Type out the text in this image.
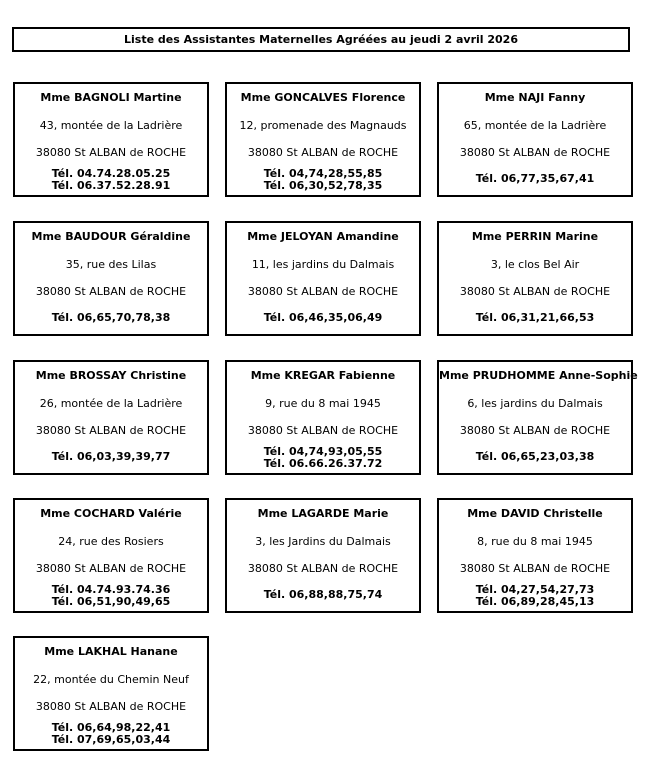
Liste des Assistantes Maternelles Agréées au jeudi 2 avril 2026
Mme BAGNOLI Martine
43, montée de la Ladrière
38080 St ALBAN de ROCHE
Tél. 04.74.28.05.25
Tél. 06.37.52.28.91
Mme GONCALVES Florence
12, promenade des Magnauds
38080 St ALBAN de ROCHE
Tél. 04,74,28,55,85
Tél. 06,30,52,78,35
Mme NAJI Fanny
65, montée de la Ladrière
38080 St ALBAN de ROCHE
Tél. 06,77,35,67,41
Mme BAUDOUR Géraldine
35, rue des Lilas
38080 St ALBAN de ROCHE
Tél. 06,65,70,78,38
Mme JELOYAN Amandine
11, les jardins du Dalmais
38080 St ALBAN de ROCHE
Tél. 06,46,35,06,49
Mme PERRIN Marine
3, le clos Bel Air
38080 St ALBAN de ROCHE
Tél. 06,31,21,66,53
Mme BROSSAY Christine
26, montée de la Ladrière
38080 St ALBAN de ROCHE
Tél. 06,03,39,39,77
Mme KREGAR Fabienne
9, rue du 8 mai 1945
38080 St ALBAN de ROCHE
Tél. 04,74,93,05,55
Tél. 06.66.26.37.72
Mme PRUDHOMME Anne-Sophie
6, les jardins du Dalmais
38080 St ALBAN de ROCHE
Tél. 06,65,23,03,38
Mme COCHARD Valérie
24, rue des Rosiers
38080 St ALBAN de ROCHE
Tél. 04.74.93.74.36
Tél. 06,51,90,49,65
Mme LAGARDE Marie
3, les Jardins du Dalmais
38080 St ALBAN de ROCHE
Tél. 06,88,88,75,74
Mme DAVID Christelle
8, rue du 8 mai 1945
38080 St ALBAN de ROCHE
Tél. 04,27,54,27,73
Tél. 06,89,28,45,13
Mme LAKHAL Hanane
22, montée du Chemin Neuf
38080 St ALBAN de ROCHE
Tél. 06,64,98,22,41
Tél. 07,69,65,03,44
